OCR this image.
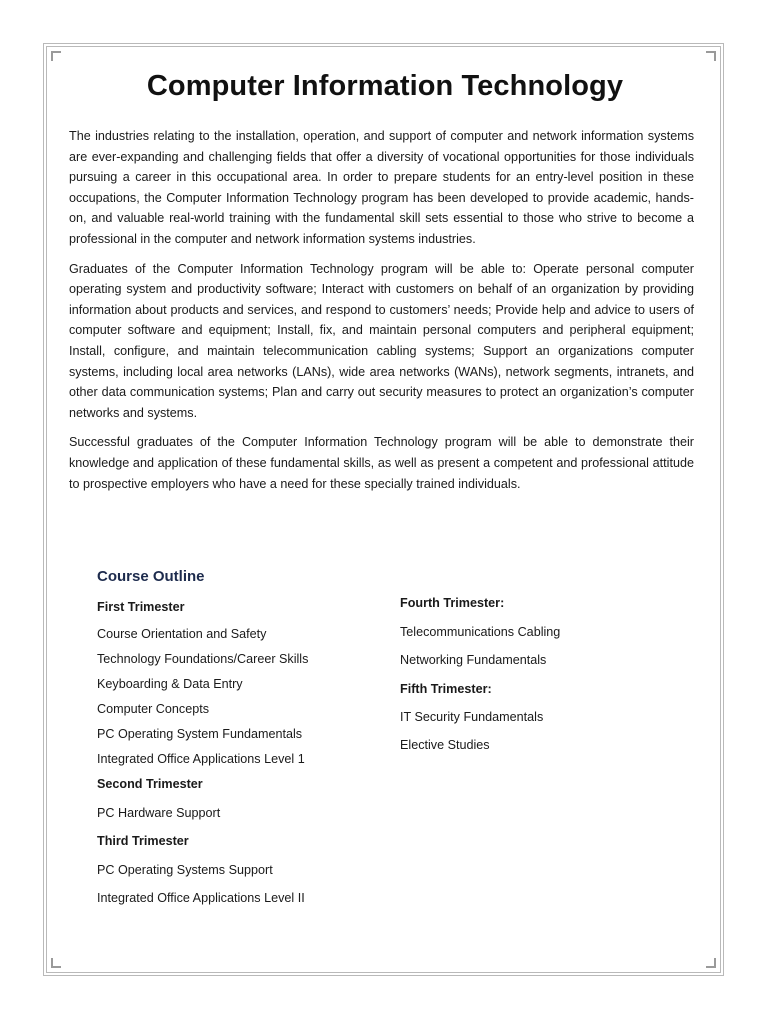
Computer Information Technology

The industries relating to the installation, operation, and support of computer and network information systems are ever-expanding and challenging fields that offer a diversity of vocational opportunities for those individuals pursuing a career in this occupational area. In order to prepare students for an entry-level position in these occupations, the Computer Information Technology program has been developed to provide academic, hands-on, and valuable real-world training with the fundamental skill sets essential to those who strive to become a professional in the computer and network information systems industries.

Graduates of the Computer Information Technology program will be able to: Operate personal computer operating system and productivity software; Interact with customers on behalf of an organization by providing information about products and services, and respond to customers’ needs; Provide help and advice to users of computer software and equipment; Install, fix, and maintain personal computers and peripheral equipment; Install, configure, and maintain telecommunication cabling systems; Support an organizations computer systems, including local area networks (LANs), wide area networks (WANs), network segments, intranets, and other data communication systems; Plan and carry out security measures to protect an organization’s computer networks and systems.

Successful graduates of the Computer Information Technology program will be able to demonstrate their knowledge and application of these fundamental skills, as well as present a competent and professional attitude to prospective employers who have a need for these specially trained individuals.

Course Outline
First Trimester
Course Orientation and Safety
Technology Foundations/Career Skills
Keyboarding & Data Entry
Computer Concepts
PC Operating System Fundamentals
Integrated Office Applications Level 1
Second Trimester
PC Hardware Support
Third Trimester
PC Operating Systems Support
Integrated Office Applications Level II
Fourth Trimester:
Telecommunications Cabling
Networking Fundamentals
Fifth Trimester:
IT Security Fundamentals
Elective Studies
